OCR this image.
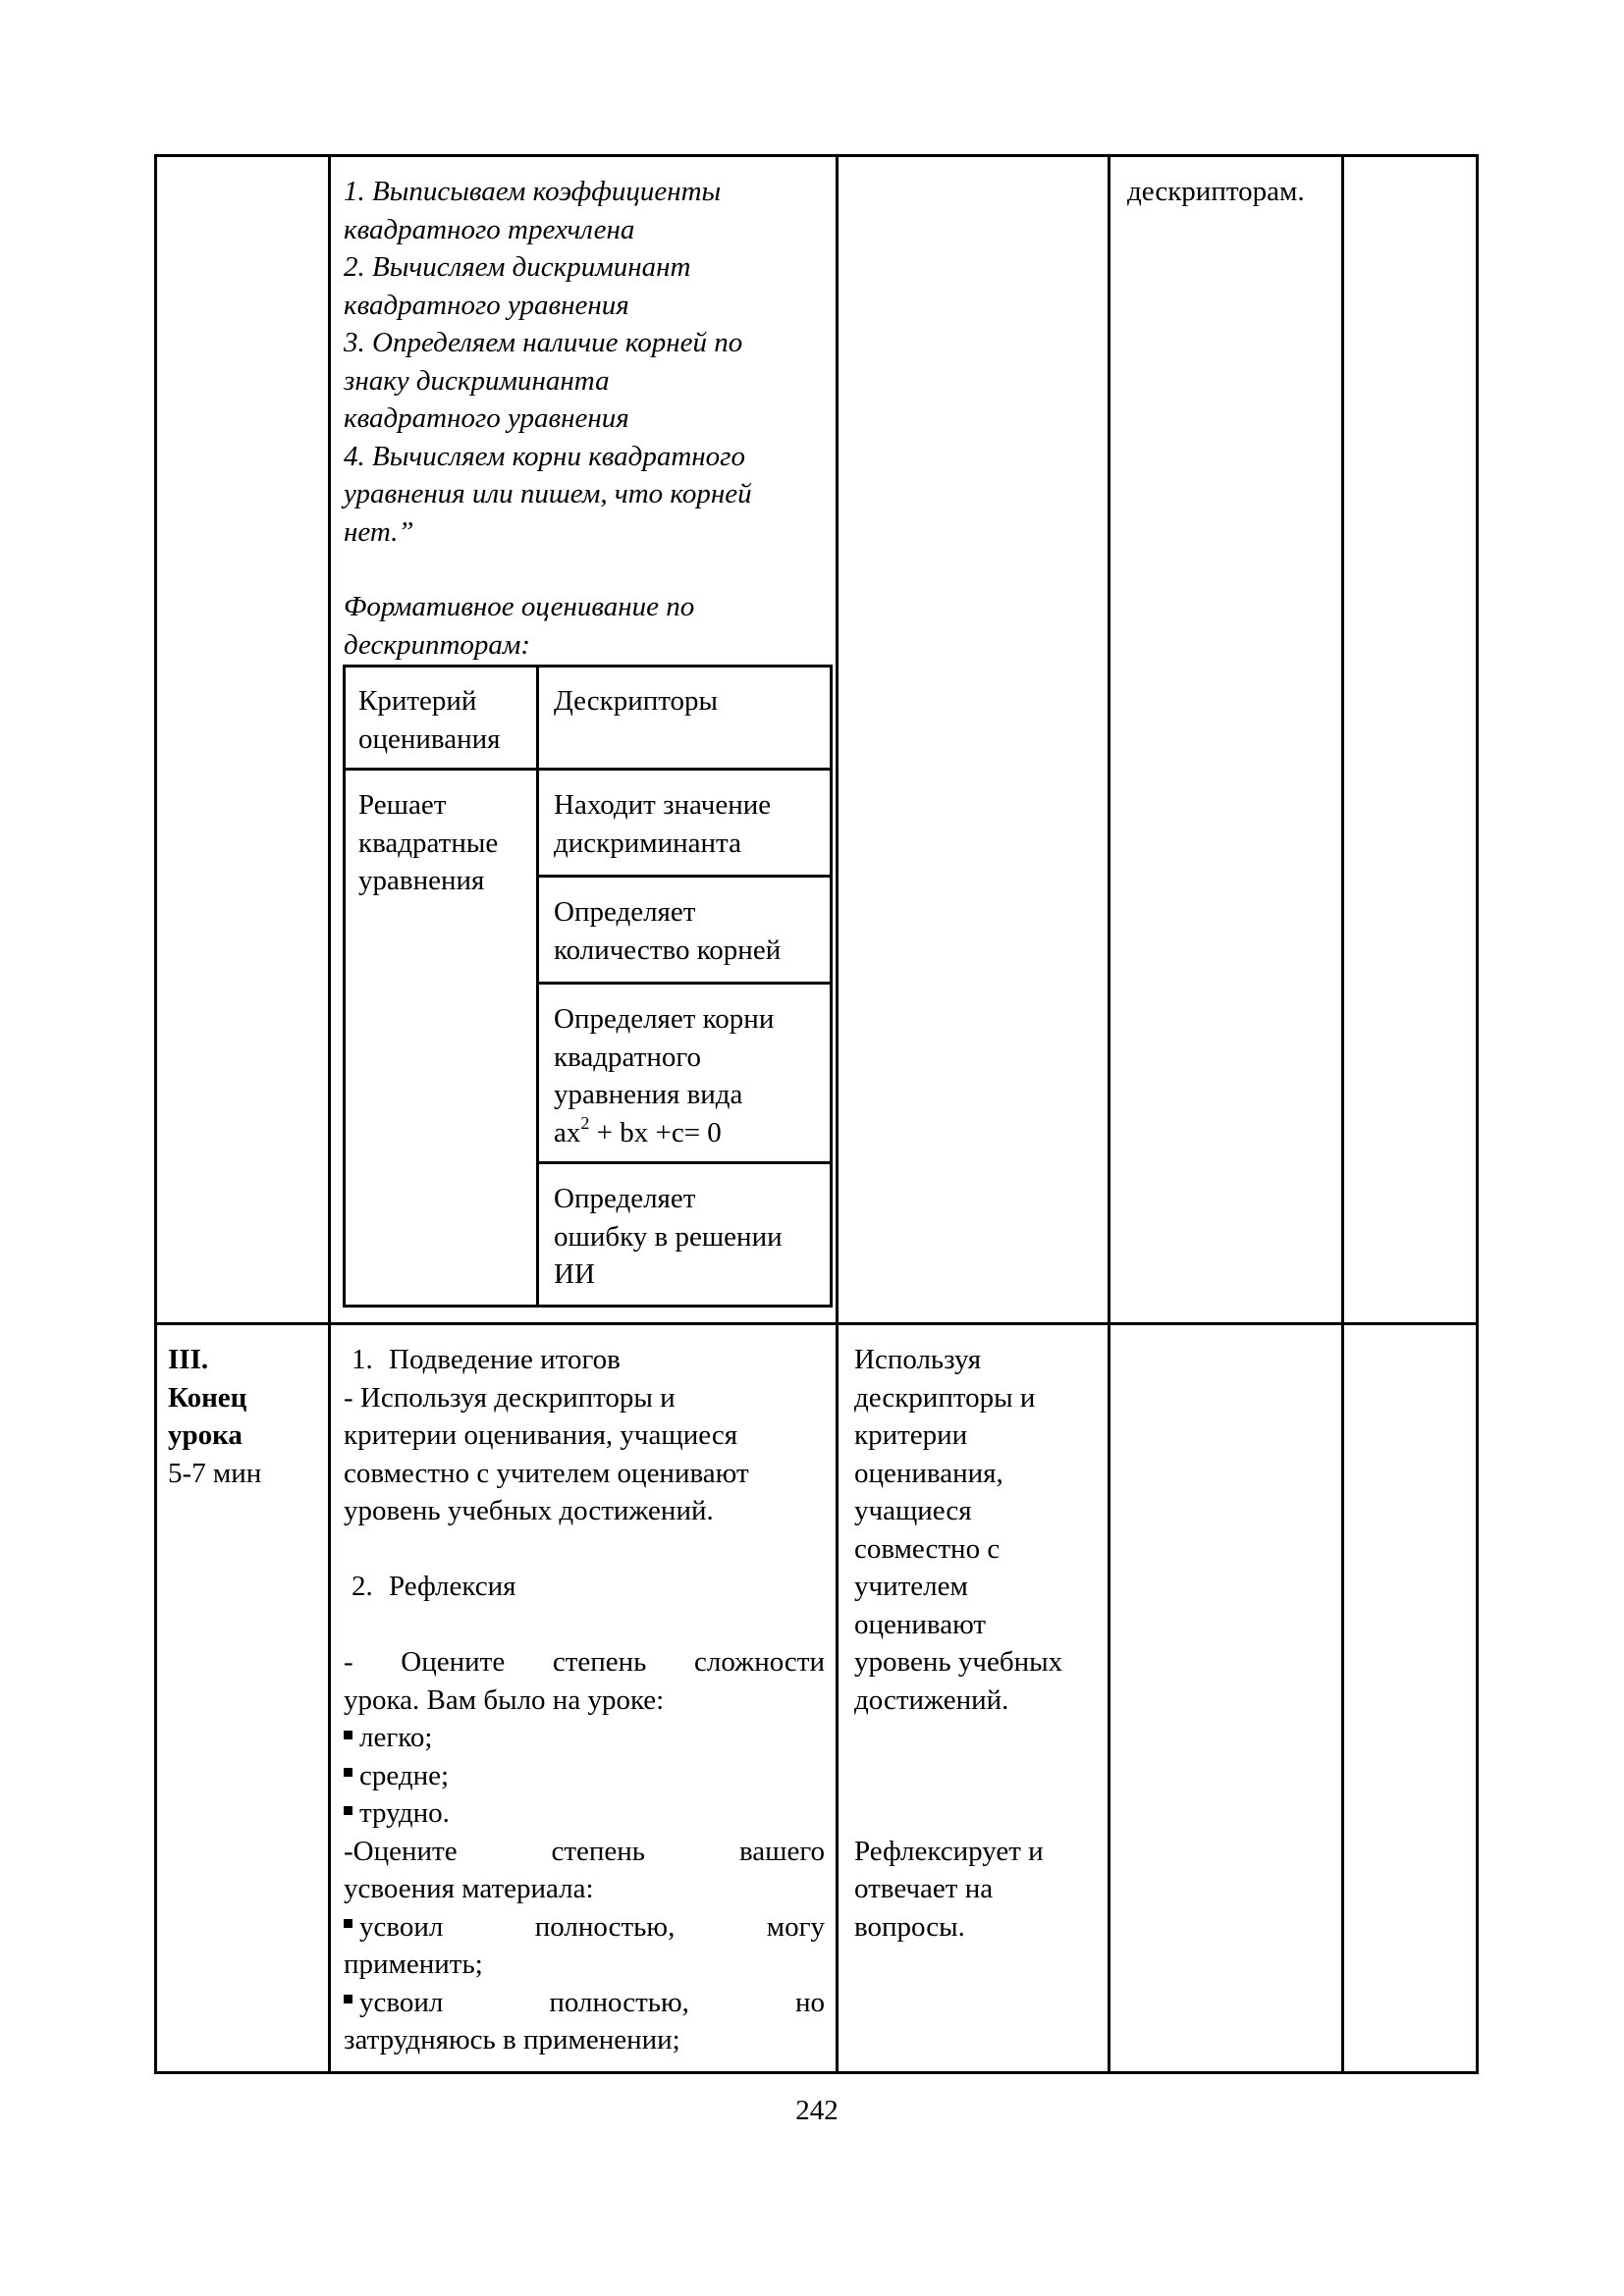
1. Выписываем коэффициенты
квадратного трехчлена
2. Вычисляем дискриминант
квадратного уравнения
3. Определяем наличие корней по
знаку дискриминанта
квадратного уравнения
4. Вычисляем корни квадратного
уравнения или пишем, что корней
нет.”
Формативное оценивание по
дескрипторам:
дескрипторам.
Критерий
оценивания
Дескрипторы
Решает
квадратные
уравнения
Находит значение
дискриминанта
Определяет
количество корней
Определяет корни
квадратного
уравнения вида
$ax^2$ + bx +c= 0
Определяет
ошибку в решении
ИИ
III.
Конец
урока
5-7 мин
1. Подведение итогов
- Используя дескрипторы и
критерии оценивания, учащиеся
совместно с учителем оценивают
уровень учебных достижений.
2. Рефлексия
- Оцените степень сложности
урока. Вам было на уроке:
легко;
средне;
трудно.
-Оцените степень вашего
усвоения материала:
усвоил полностью, могу
применить;
усвоил полностью, но
затрудняюсь в применении;
Используя
дескрипторы и
критерии
оценивания,
учащиеся
совместно с
учителем
оценивают
уровень учебных
достижений.
Рефлексирует и
отвечает на
вопросы.
242
